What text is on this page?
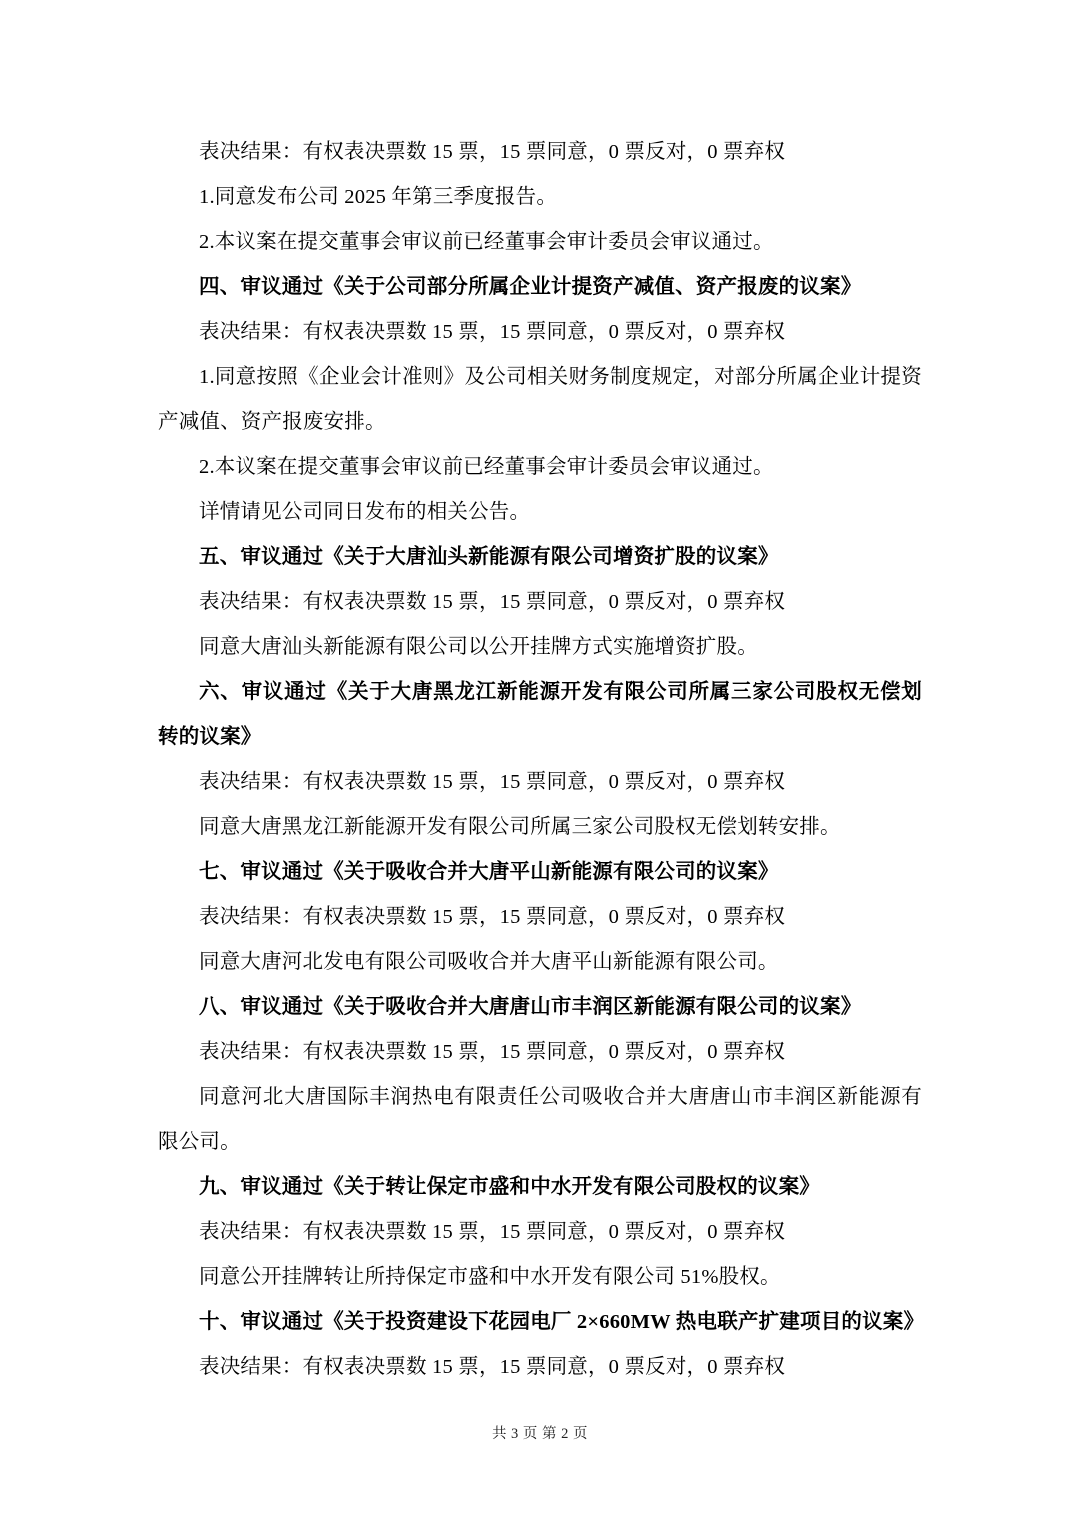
表决结果：有权表决票数 15 票，15 票同意，0 票反对，0 票弃权

1.同意发布公司 2025 年第三季度报告。

2.本议案在提交董事会审议前已经董事会审计委员会审议通过。

四、审议通过《关于公司部分所属企业计提资产减值、资产报废的议案》

表决结果：有权表决票数 15 票，15 票同意，0 票反对，0 票弃权

1.同意按照《企业会计准则》及公司相关财务制度规定，对部分所属企业计提资产减值、资产报废安排。

2.本议案在提交董事会审议前已经董事会审计委员会审议通过。

详情请见公司同日发布的相关公告。

五、审议通过《关于大唐汕头新能源有限公司增资扩股的议案》

表决结果：有权表决票数 15 票，15 票同意，0 票反对，0 票弃权

同意大唐汕头新能源有限公司以公开挂牌方式实施增资扩股。

六、审议通过《关于大唐黑龙江新能源开发有限公司所属三家公司股权无偿划转的议案》

表决结果：有权表决票数 15 票，15 票同意，0 票反对，0 票弃权

同意大唐黑龙江新能源开发有限公司所属三家公司股权无偿划转安排。

七、审议通过《关于吸收合并大唐平山新能源有限公司的议案》

表决结果：有权表决票数 15 票，15 票同意，0 票反对，0 票弃权

同意大唐河北发电有限公司吸收合并大唐平山新能源有限公司。

八、审议通过《关于吸收合并大唐唐山市丰润区新能源有限公司的议案》

表决结果：有权表决票数 15 票，15 票同意，0 票反对，0 票弃权

同意河北大唐国际丰润热电有限责任公司吸收合并大唐唐山市丰润区新能源有限公司。

九、审议通过《关于转让保定市盛和中水开发有限公司股权的议案》

表决结果：有权表决票数 15 票，15 票同意，0 票反对，0 票弃权

同意公开挂牌转让所持保定市盛和中水开发有限公司 51%股权。

十、审议通过《关于投资建设下花园电厂 2×660MW 热电联产扩建项目的议案》

表决结果：有权表决票数 15 票，15 票同意，0 票反对，0 票弃权

共 3 页 第 2 页
